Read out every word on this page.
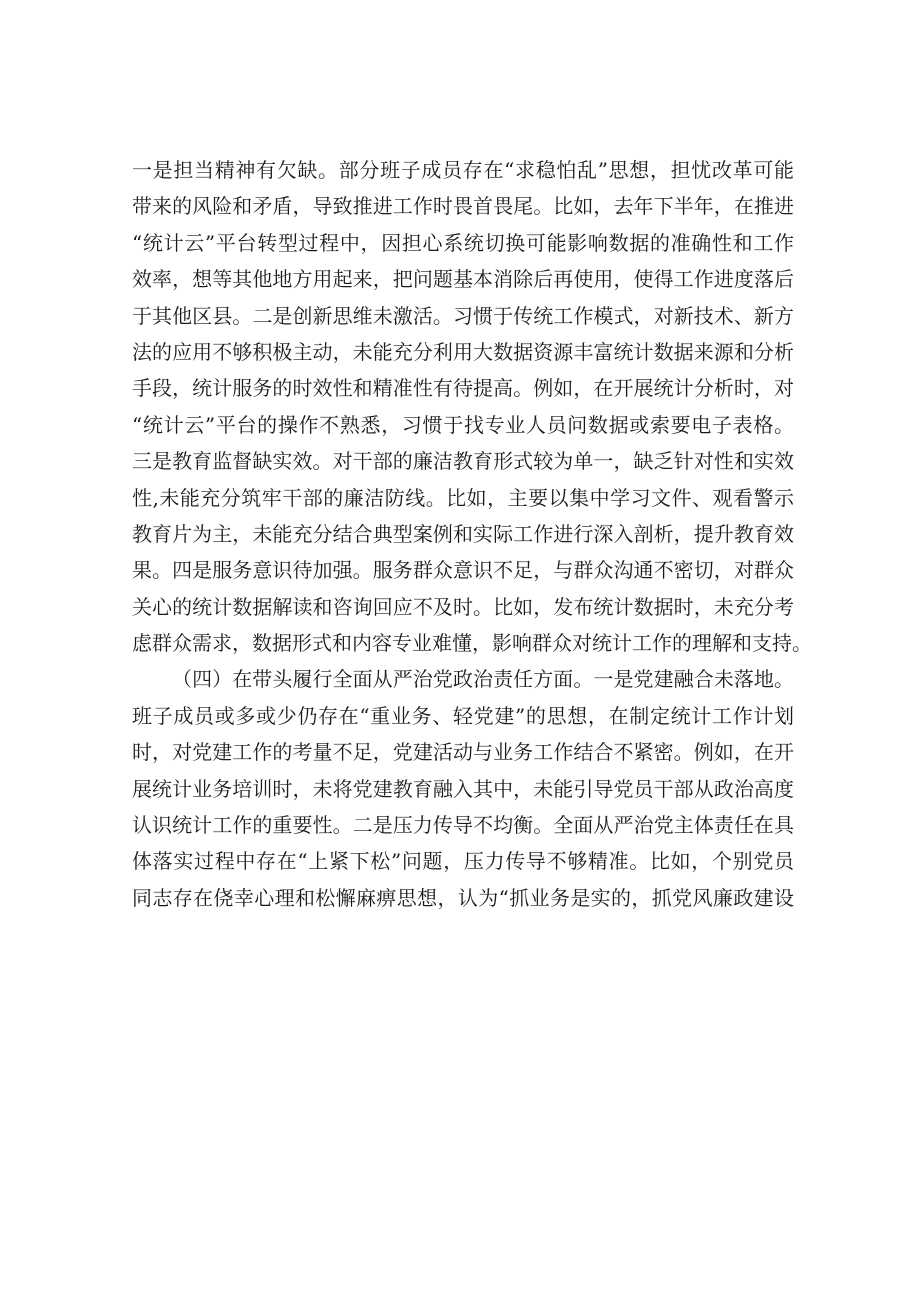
一是担当精神有欠缺。部分班子成员存在“求稳怕乱”思想，担忧改革可能
带来的风险和矛盾，导致推进工作时畏首畏尾。比如，去年下半年，在推进
“统计云”平台转型过程中，因担心系统切换可能影响数据的准确性和工作
效率，想等其他地方用起来，把问题基本消除后再使用，使得工作进度落后
于其他区县。二是创新思维未激活。习惯于传统工作模式，对新技术、新方
法的应用不够积极主动，未能充分利用大数据资源丰富统计数据来源和分析
手段，统计服务的时效性和精准性有待提高。例如，在开展统计分析时，对
“统计云”平台的操作不熟悉，习惯于找专业人员问数据或索要电子表格。
三是教育监督缺实效。对干部的廉洁教育形式较为单一，缺乏针对性和实效
性,未能充分筑牢干部的廉洁防线。比如，主要以集中学习文件、观看警示
教育片为主，未能充分结合典型案例和实际工作进行深入剖析，提升教育效
果。四是服务意识待加强。服务群众意识不足，与群众沟通不密切，对群众
关心的统计数据解读和咨询回应不及时。比如，发布统计数据时，未充分考
虑群众需求，数据形式和内容专业难懂，影响群众对统计工作的理解和支持。
（四）在带头履行全面从严治党政治责任方面。一是党建融合未落地。
班子成员或多或少仍存在“重业务、轻党建”的思想，在制定统计工作计划
时，对党建工作的考量不足，党建活动与业务工作结合不紧密。例如，在开
展统计业务培训时，未将党建教育融入其中，未能引导党员干部从政治高度
认识统计工作的重要性。二是压力传导不均衡。全面从严治党主体责任在具
体落实过程中存在“上紧下松”问题，压力传导不够精准。比如，个别党员
同志存在侥幸心理和松懈麻痹思想，认为“抓业务是实的，抓党风廉政建设
